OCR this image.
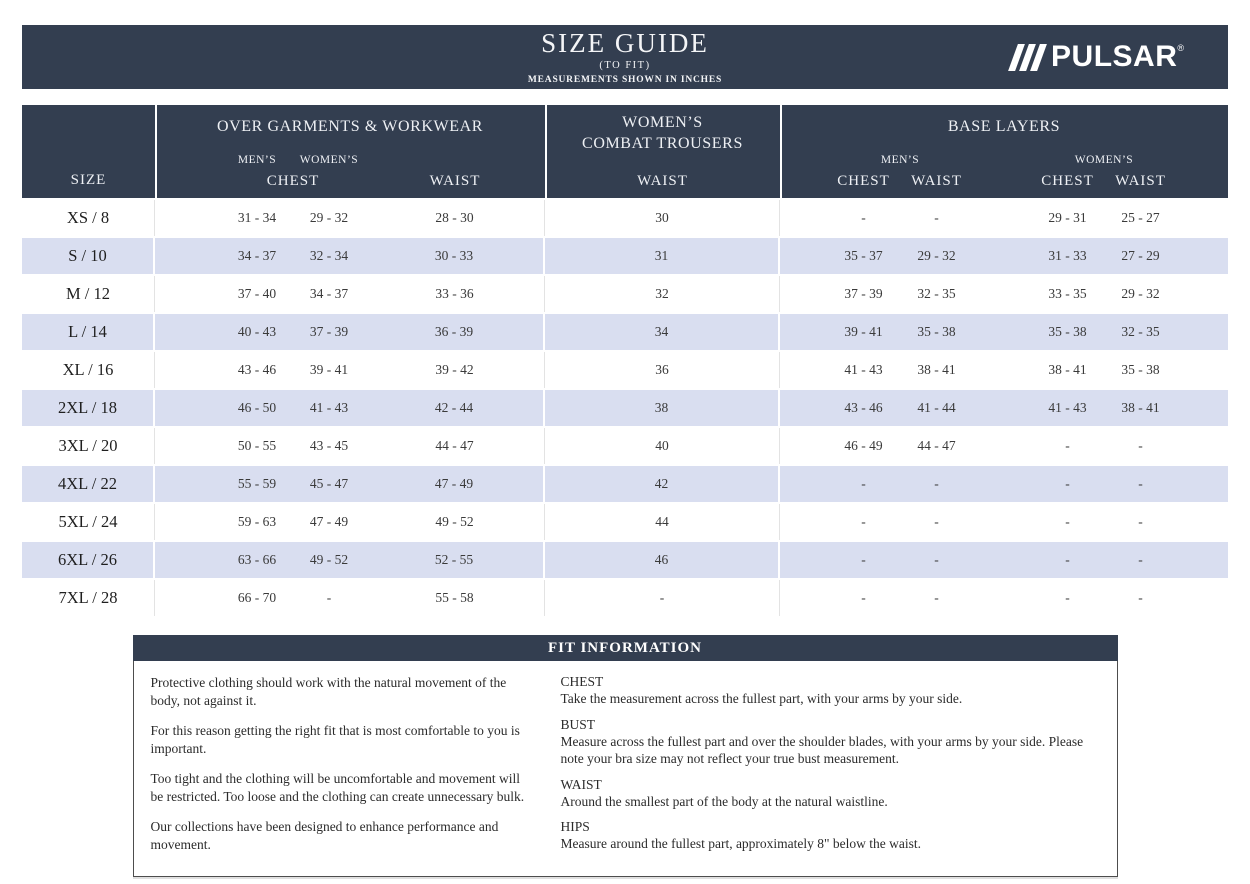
SIZE GUIDE
(TO FIT)
MEASUREMENTS SHOWN IN INCHES
PULSAR ®
SIZE
OVER GARMENTS & WORKWEAR	WOMEN’S
COMBAT TROUSERS
BASE LAYERS
MEN’S	WOMEN’S	MEN’S	WOMEN’S
CHEST	WAIST	WAIST	CHEST	WAIST	CHEST	WAIST
XS / 8	31 - 34	29 - 32	28 - 30	30	-	-	29 - 31	25 - 27
S / 10	34 - 37	32 - 34	30 - 33	31	35 - 37	29 - 32	31 - 33	27 - 29
M / 12	37 - 40	34 - 37	33 - 36	32	37 - 39	32 - 35	33 - 35	29 - 32
L / 14	40 - 43	37 - 39	36 - 39	34	39 - 41	35 - 38	35 - 38	32 - 35
XL / 16	43 - 46	39 - 41	39 - 42	36	41 - 43	38 - 41	38 - 41	35 - 38
2XL / 18	46 - 50	41 - 43	42 - 44	38	43 - 46	41 - 44	41 - 43	38 - 41
3XL / 20	50 - 55	43 - 45	44 - 47	40	46 - 49	44 - 47	-	-
4XL / 22	55 - 59	45 - 47	47 - 49	42	-	-	-	-
5XL / 24	59 - 63	47 - 49	49 - 52	44	-	-	-	-
6XL / 26	63 - 66	49 - 52	52 - 55	46	-	-	-	-
7XL / 28	66 - 70	-	55 - 58	-	-	-	-	-
FIT INFORMATION

Protective clothing should work with the natural movement of the body, not against it.

For this reason getting the right fit that is most comfortable to you is important.

Too tight and the clothing will be uncomfortable and movement will be restricted. Too loose and the clothing can create unnecessary bulk.

Our collections have been designed to enhance performance and movement.

CHEST
Take the measurement across the fullest part, with your arms by your side.
BUST
Measure across the fullest part and over the shoulder blades, with your arms by your side. Please note your bra size may not reflect your true bust measurement.
WAIST
Around the smallest part of the body at the natural waistline.
HIPS
Measure around the fullest part, approximately 8" below the waist.
